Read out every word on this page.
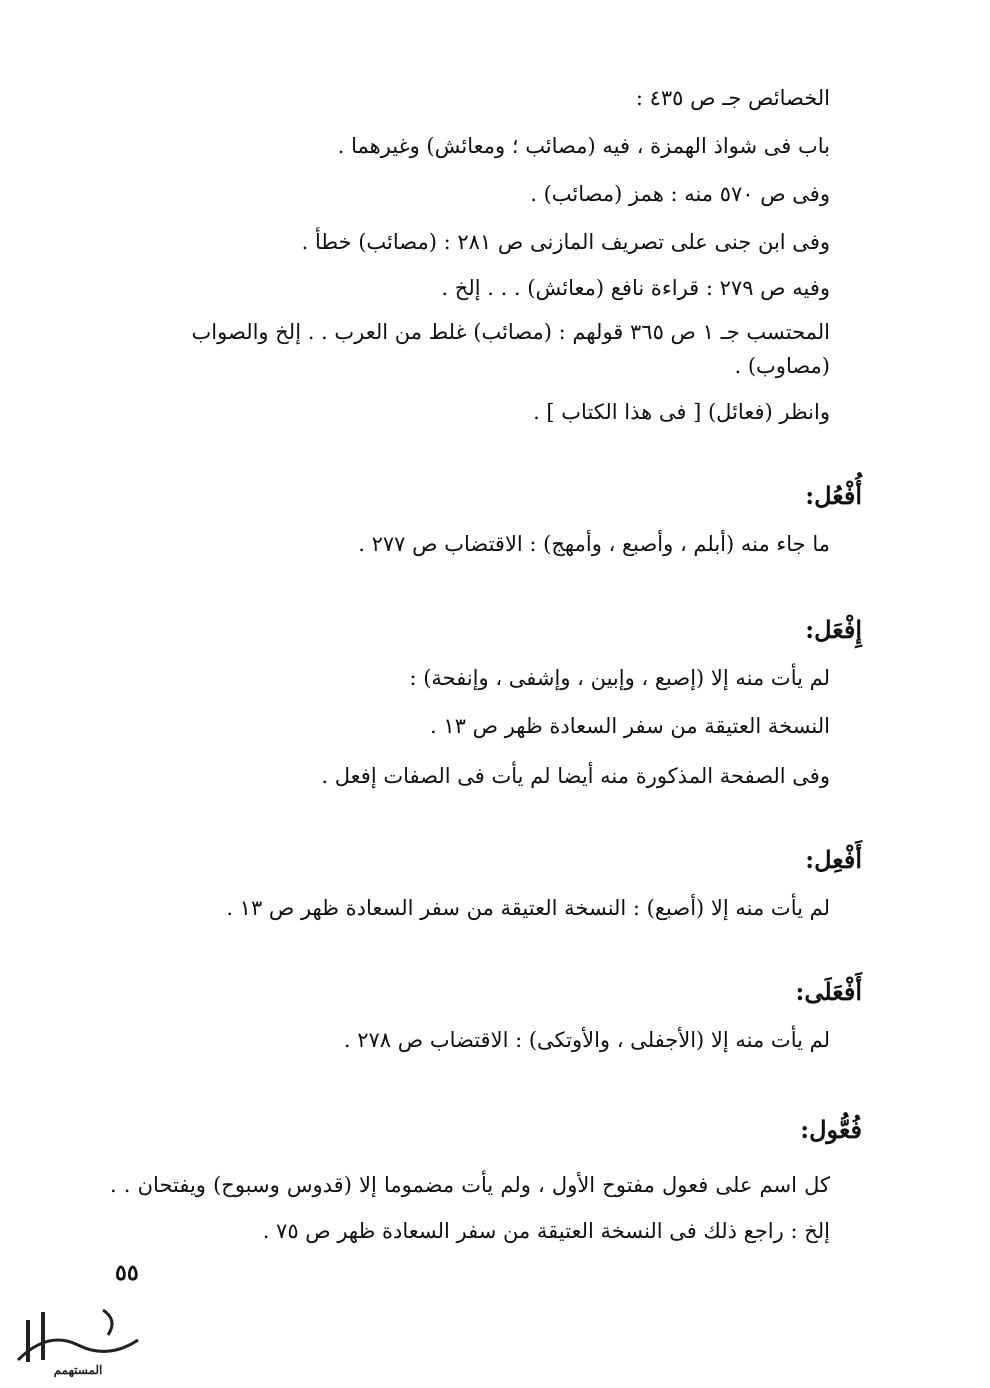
الخصائص جـ ص ٤٣٥ :
باب فى شواذ الهمزة ، فيه (مصائب ؛ ومعائش) وغيرهما .
وفى ص ٥٧٠ منه : همز (مصائب) .
وفى ابن جنى على تصريف المازنى ص ٢٨١ : (مصائب) خطأ .
وفيه ص ٢٧٩ : قراءة نافع (معائش) . . . إلخ .
المحتسب جـ ١ ص ٣٦٥ قولهم : (مصائب) غلط من العرب . . إلخ والصواب
(مصاوب) .
وانظر (فعائل) [ فى هذا الكتاب ] .
أُفْعُل:
ما جاء منه (أبلم ، وأصبع ، وأمهج) : الاقتضاب ص ٢٧٧ .
إِفْعَل:
لم يأت منه إلا (إصبع ، وإبين ، وإشفى ، وإنفحة) :
النسخة العتيقة من سفر السعادة ظهر ص ١٣ .
وفى الصفحة المذكورة منه أيضا لم يأت فى الصفات إفعل .
أَفْعِل:
لم يأت منه إلا (أصبع) : النسخة العتيقة من سفر السعادة ظهر ص ١٣ .
أَفْعَلَى:
لم يأت منه إلا (الأجفلى ، والأوتكى) : الاقتضاب ص ٢٧٨ .
فُعُّول:
كل اسم على فعول مفتوح الأول ، ولم يأت مضموما إلا (قدوس وسبوح) ويفتحان . . إلخ : راجع ذلك فى النسخة العتيقة من سفر السعادة ظهر ص ٧٥ .
٥٥
المستهمم
